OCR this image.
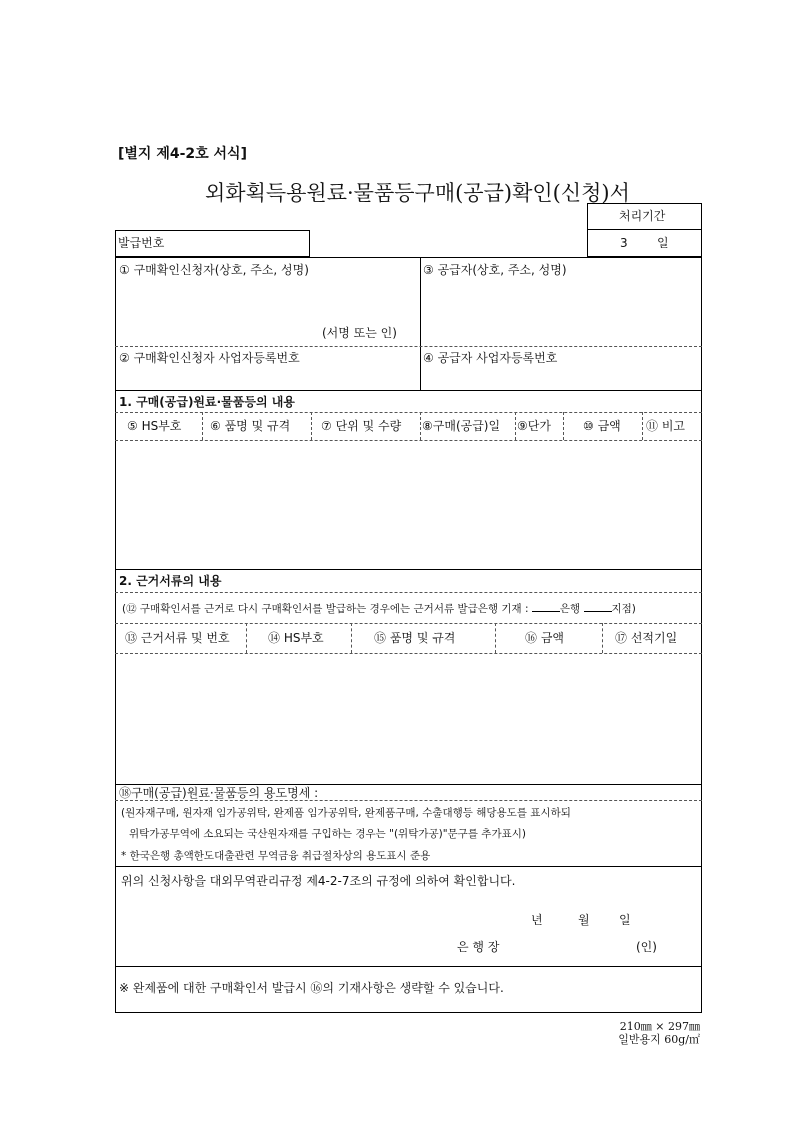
[별지 제4-2호 서식]
외화획득용원료·물품등구매(공급)확인(신청)서
처리기간
3 일
발급번호
① 구매확인신청자(상호, 주소, 성명)
(서명 또는 인)
② 구매확인신청자 사업자등록번호
③ 공급자(상호, 주소, 성명)
④ 공급자 사업자등록번호
1. 구매(공급)원료·물품등의 내용
⑤ HS부호 ⑥ 품명 및 규격	⑦ 단위 및 수량 ⑧구매(공급)일 ⑨단가	⑩ 금액 ⑪ 비고
2. 근거서류의 내용
(⑫ 구매확인서를 근거로 다시 구매확인서를 발급하는 경우에는 근거서류 발급은행 기재 :	은행	지점)
⑬ 근거서류 및 번호	⑭ HS부호	⑮ 품명 및 규격	⑯ 금액	⑰ 선적기일
⑱구매(공급)원료·물품등의 용도명세 :
(원자재구매, 원자재 임가공위탁, 완제품 임가공위탁, 완제품구매, 수출대행등 해당용도를 표시하되
위탁가공무역에 소요되는 국산원자재를 구입하는 경우는 "(위탁가공)"문구를 추가표시)
* 한국은행 총액한도대출관련 무역금융 취급절차상의 용도표시 준용
위의 신청사항을 대외무역관리규정 제4-2-7조의 규정에 의하여 확인합니다.
년	월 일
은 행 장	(인)
※ 완제품에 대한 구매확인서 발급시 ⑯의 기재사항은 생략할 수 있습니다.
210㎜ × 297㎜
일반용지 60g/㎡
